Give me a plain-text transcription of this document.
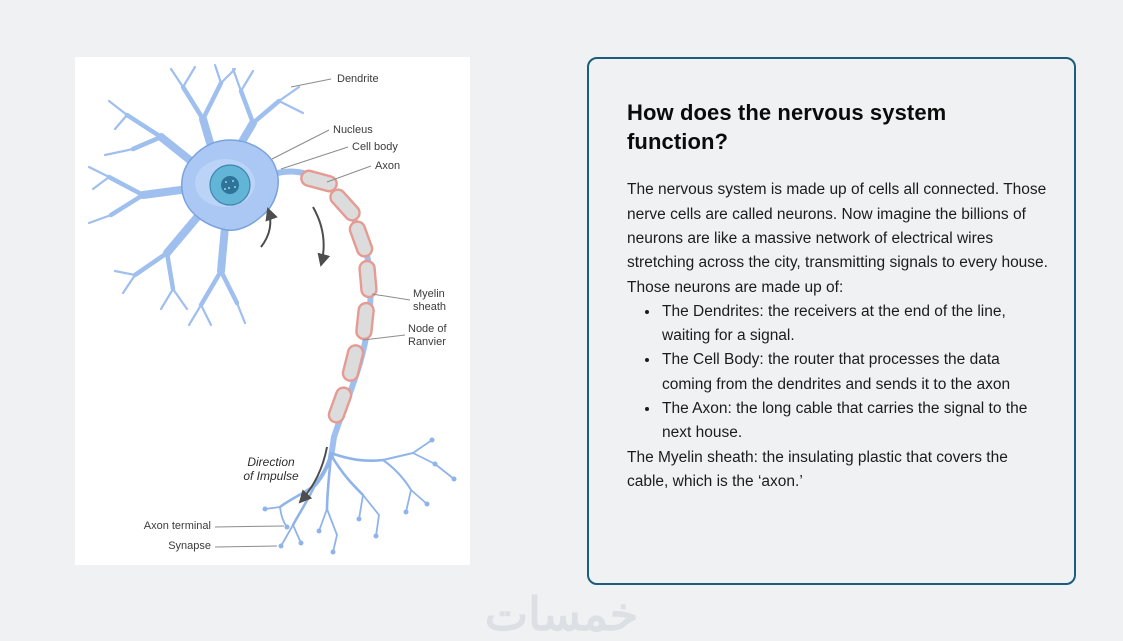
Dendrite
Nucleus
Cell body
Axon
Myelin sheath
Node of Ranvier
Direction of Impulse
Axon terminal
Synapse
How does the nervous system function?

The nervous system is made up of cells all connected. Those nerve cells are called neurons. Now imagine the billions of neurons are like a massive network of electrical wires stretching across the city, transmitting signals to every house. Those neurons are made up of:

• The Dendrites: the receivers at the end of the line, waiting for a signal.
• The Cell Body: the router that processes the data coming from the dendrites and sends it to the axon
• The Axon: the long cable that carries the signal to the next house.

The Myelin sheath: the insulating plastic that covers the cable, which is the ‘axon.’

خمسات
